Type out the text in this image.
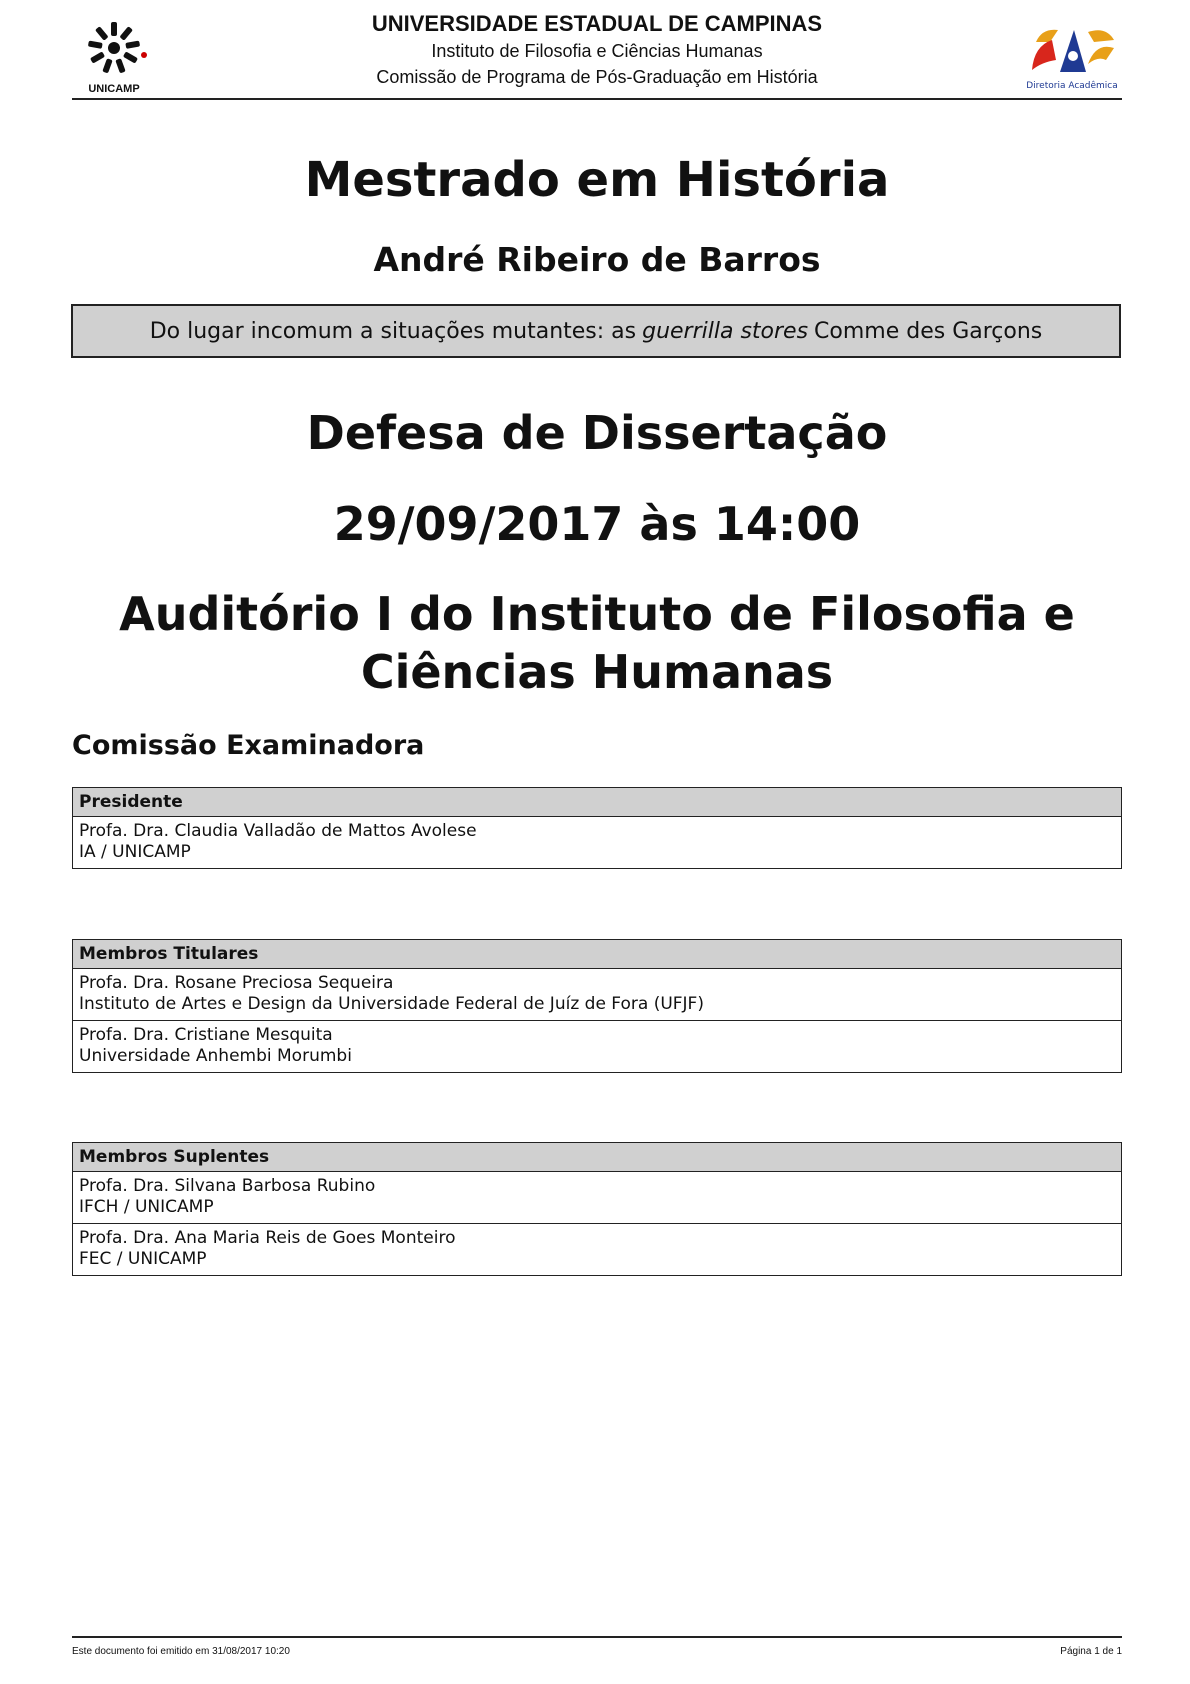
UNICAMP
UNIVERSIDADE ESTADUAL DE CAMPINAS
Instituto de Filosofia e Ciências Humanas
Comissão de Programa de Pós-Graduação em História	Diretoria Acadêmica
Mestrado em História
André Ribeiro de Barros
Do lugar incomum a situações mutantes: as guerrilla stores Comme des Garçons
Defesa de Dissertação
29/09/2017 às 14:00
Auditório I do Instituto de Filosofia e Ciências Humanas
Comissão Examinadora
Presidente
Profa. Dra. Claudia Valladão de Mattos Avolese
IA / UNICAMP
Membros Titulares
Profa. Dra. Rosane Preciosa Sequeira
Instituto de Artes e Design da Universidade Federal de Juíz de Fora (UFJF)
Profa. Dra. Cristiane Mesquita
Universidade Anhembi Morumbi
Membros Suplentes
Profa. Dra. Silvana Barbosa Rubino
IFCH / UNICAMP
Profa. Dra. Ana Maria Reis de Goes Monteiro
FEC / UNICAMP
Este documento foi emitido em 31/08/2017 10:20	Página 1 de 1
